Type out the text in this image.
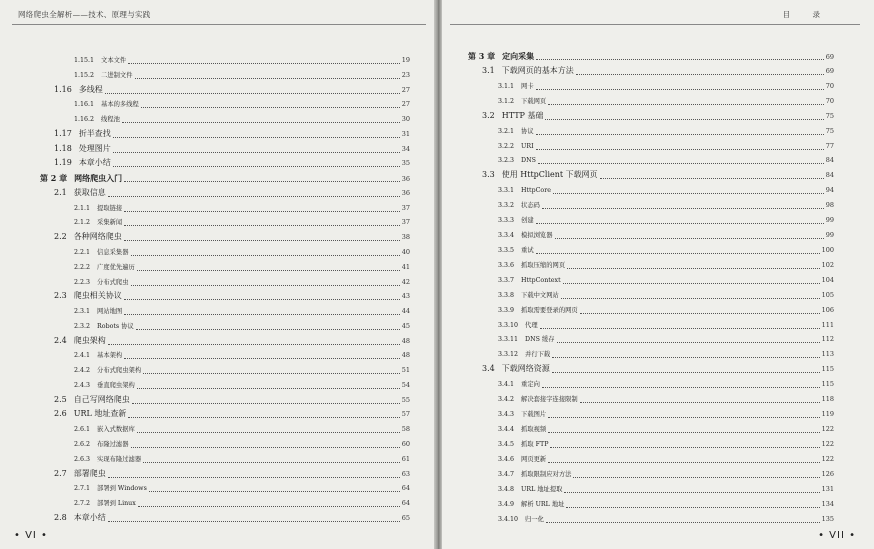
网络爬虫全解析——技术、原理与实践
1.15.1	文本文件	19
1.15.2	二进制文件	23
1.16 多线程	27
1.16.1	基本的多线程	27
1.16.2	线程池	30
1.17 折半查找	31
1.18 处理图片	34
1.19 本章小结	35
第 2 章 网络爬虫入门	36
2.1 获取信息	36
2.1.1	提取链接	37
2.1.2	采集新闻	37
2.2 各种网络爬虫	38
2.2.1	信息采集器	40
2.2.2	广度优先遍历	41
2.2.3	分布式爬虫	42
2.3 爬虫相关协议	43
2.3.1	网站地图	44
2.3.2	Robots 协议	45
2.4 爬虫架构	48
2.4.1	基本架构	48
2.4.2	分布式爬虫架构	51
2.4.3	垂直爬虫架构	54
2.5 自己写网络爬虫	55
2.6 URL 地址查新	57
2.6.1	嵌入式数据库	58
2.6.2	布隆过滤器	60
2.6.3	实现布隆过滤器	61
2.7 部署爬虫	63
2.7.1	部署到 Windows	64
2.7.2	部署到 Linux	64
2.8 本章小结	65
• VI •
目 录
第 3 章 定向采集	69
3.1 下载网页的基本方法	69
3.1.1	网卡	70
3.1.2	下载网页	70
3.2 HTTP 基础	75
3.2.1	协议	75
3.2.2	URI	77
3.2.3	DNS	84
3.3 使用 HttpClient 下载网页	84
3.3.1	HttpCore	94
3.3.2	状态码	98
3.3.3	创建	99
3.3.4	模拟浏览器	99
3.3.5	重试	100
3.3.6	抓取压缩的网页	102
3.3.7	HttpContext	104
3.3.8	下载中文网站	105
3.3.9	抓取需要登录的网页	106
3.3.10	代理	111
3.3.11	DNS 缓存	112
3.3.12	并行下载	113
3.4 下载网络资源	115
3.4.1	重定向	115
3.4.2	解决套接字连接限制	118
3.4.3	下载图片	119
3.4.4	抓取视频	122
3.4.5	抓取 FTP	122
3.4.6	网页更新	122
3.4.7	抓取限制应对方法	126
3.4.8	URL 地址提取	131
3.4.9	解析 URL 地址	134
3.4.10	归一化	135
• VII •
